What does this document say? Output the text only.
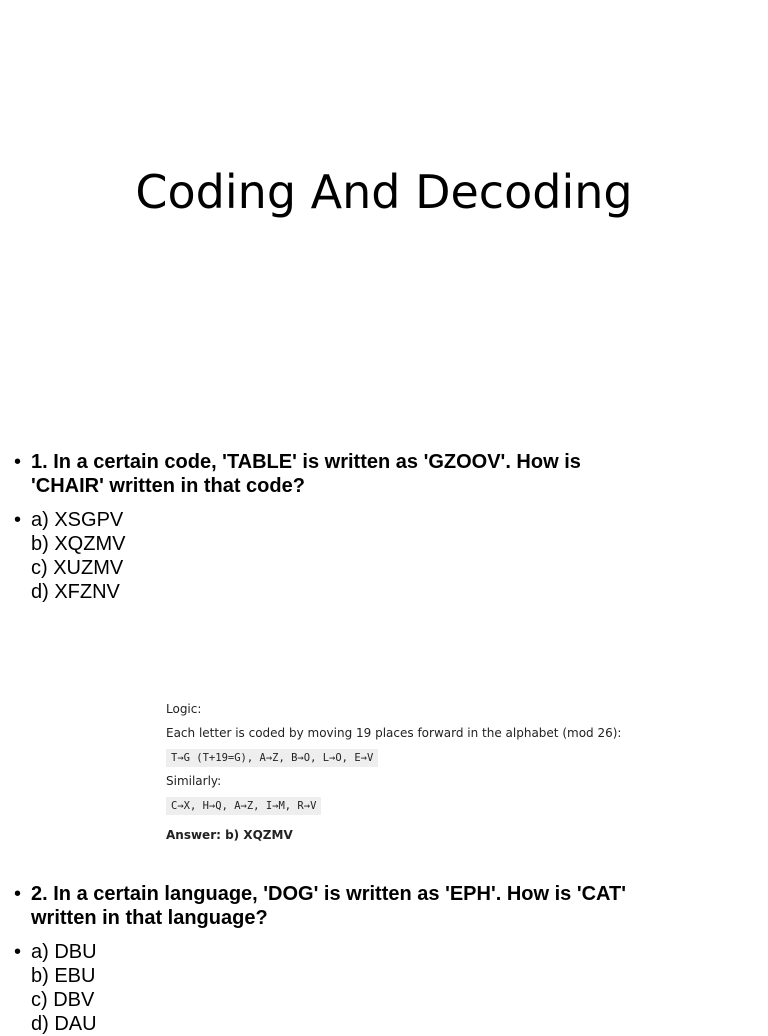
Coding And Decoding
• 1. In a certain code, 'TABLE' is written as 'GZOOV'. How is 'CHAIR' written in that code?
• a) XSGPV
b) XQZMV
c) XUZMV
d) XFZNV
Logic:
Each letter is coded by moving 19 places forward in the alphabet (mod 26):
T→G (T+19=G), A→Z, B→O, L→O, E→V
Similarly:
C→X, H→Q, A→Z, I→M, R→V
Answer: b) XQZMV
• 2. In a certain language, 'DOG' is written as 'EPH'. How is 'CAT' written in that language?
• a) DBU
b) EBU
c) DBV
d) DAU
